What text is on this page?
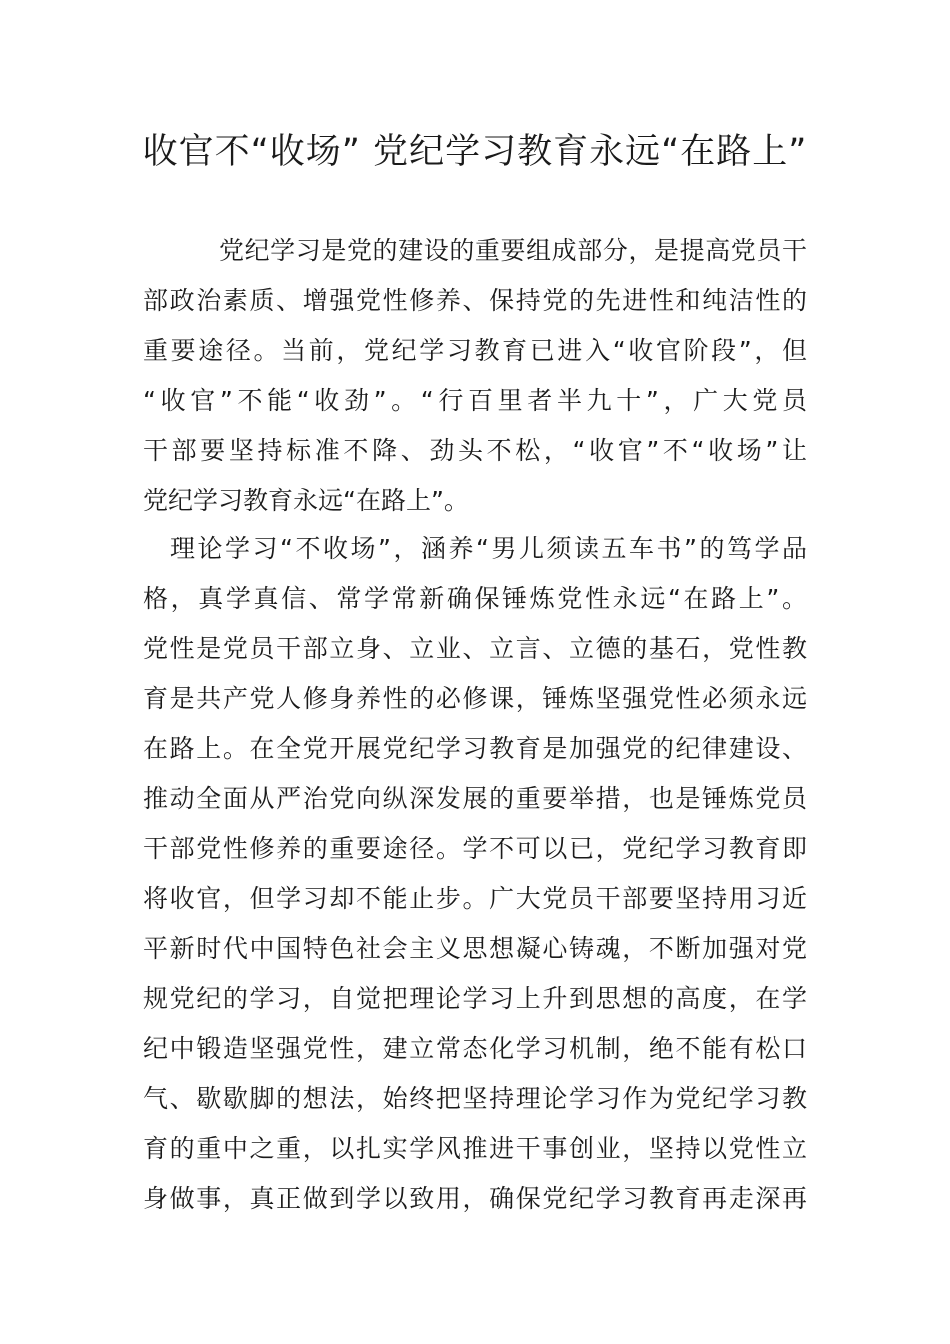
收官不“收场” 党纪学习教育永远“在路上”
党纪学习是党的建设的重要组成部分，是提高党员干
部政治素质、增强党性修养、保持党的先进性和纯洁性的
重要途径。当前，党纪学习教育已进入“收官阶段”，但
“收官”不能“收劲”。“行百里者半九十”，广大党员
干部要坚持标准不降、劲头不松，“收官”不“收场”让
党纪学习教育永远“在路上”。
理论学习“不收场”，涵养“男儿须读五车书”的笃学品
格，真学真信、常学常新确保锤炼党性永远“在路上”。
党性是党员干部立身、立业、立言、立德的基石，党性教
育是共产党人修身养性的必修课，锤炼坚强党性必须永远
在路上。在全党开展党纪学习教育是加强党的纪律建设、
推动全面从严治党向纵深发展的重要举措，也是锤炼党员
干部党性修养的重要途径。学不可以已，党纪学习教育即
将收官，但学习却不能止步。广大党员干部要坚持用习近
平新时代中国特色社会主义思想凝心铸魂，不断加强对党
规党纪的学习，自觉把理论学习上升到思想的高度，在学
纪中锻造坚强党性，建立常态化学习机制，绝不能有松口
气、歇歇脚的想法，始终把坚持理论学习作为党纪学习教
育的重中之重，以扎实学风推进干事创业，坚持以党性立
身做事，真正做到学以致用，确保党纪学习教育再走深再
